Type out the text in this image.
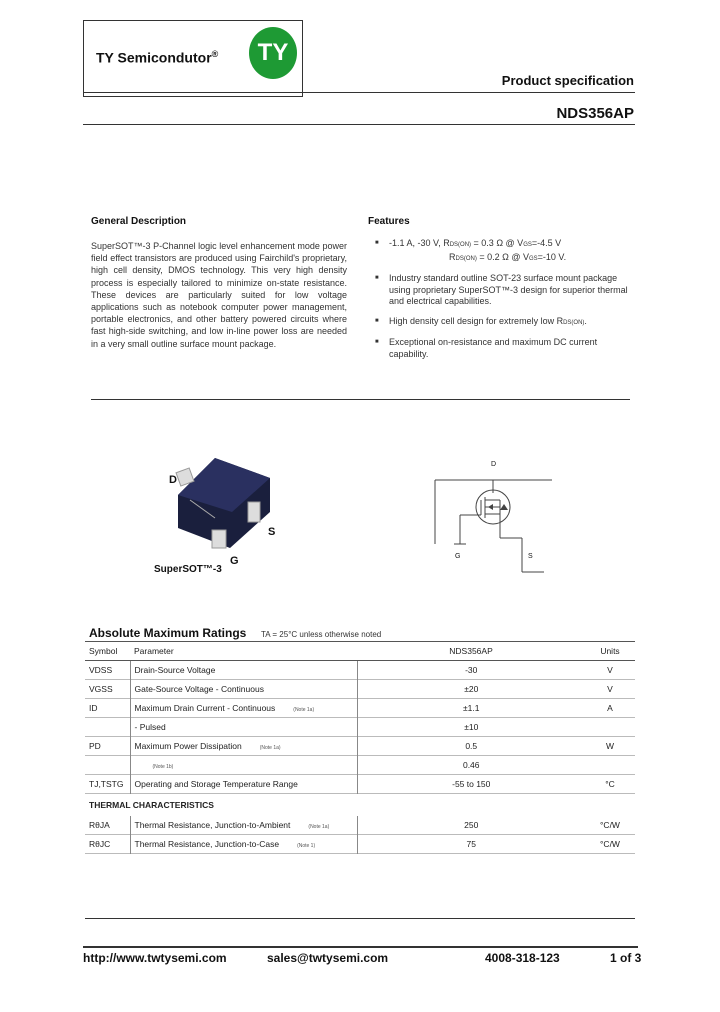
TY Semicondutor® TY
Product specification
NDS356AP
General Description
SuperSOT™-3 P-Channel logic level enhancement mode power field effect transistors are produced using Fairchild's proprietary, high cell density, DMOS technology. This very high density process is especially tailored to minimize on-state resistance. These devices are particularly suited for low voltage applications such as notebook computer power management, portable electronics, and other battery powered circuits where fast high-side switching, and low in-line power loss are needed in a very small outline surface mount package.
Features
■ -1.1 A, -30 V, RDS(ON) = 0.3 Ω @ VGS=-4.5 V
RDS(ON) = 0.2 Ω @ VGS=-10 V.
■ Industry standard outline SOT-23 surface mount package using proprietary SuperSOT™-3 design for superior thermal and electrical capabilities.
■ High density cell design for extremely low RDS(ON).
■ Exceptional on-resistance and maximum DC current capability.
D
S
G
SuperSOT™-3
D
G	S
Absolute Maximum Ratings TA = 25°C unless otherwise noted
Symbol	Parameter	NDS356AP	Units
VDSS	Drain-Source Voltage	-30	V
VGSS	Gate-Source Voltage - Continuous	±20	V
ID	Maximum Drain Current - Continuous (Note 1a)	±1.1	A
	- Pulsed	±10	
PD	Maximum Power Dissipation (Note 1a)	0.5	W
	(Note 1b)	0.46	
TJ,TSTG	Operating and Storage Temperature Range	-55 to 150	°C
THERMAL CHARACTERISTICS			
RθJA	Thermal Resistance, Junction-to-Ambient (Note 1a)	250	°C/W
RθJC	Thermal Resistance, Junction-to-Case (Note 1)	75	°C/W
http://www.twtysemi.com	sales@twtysemi.com	4008-318-123	1 of 3
